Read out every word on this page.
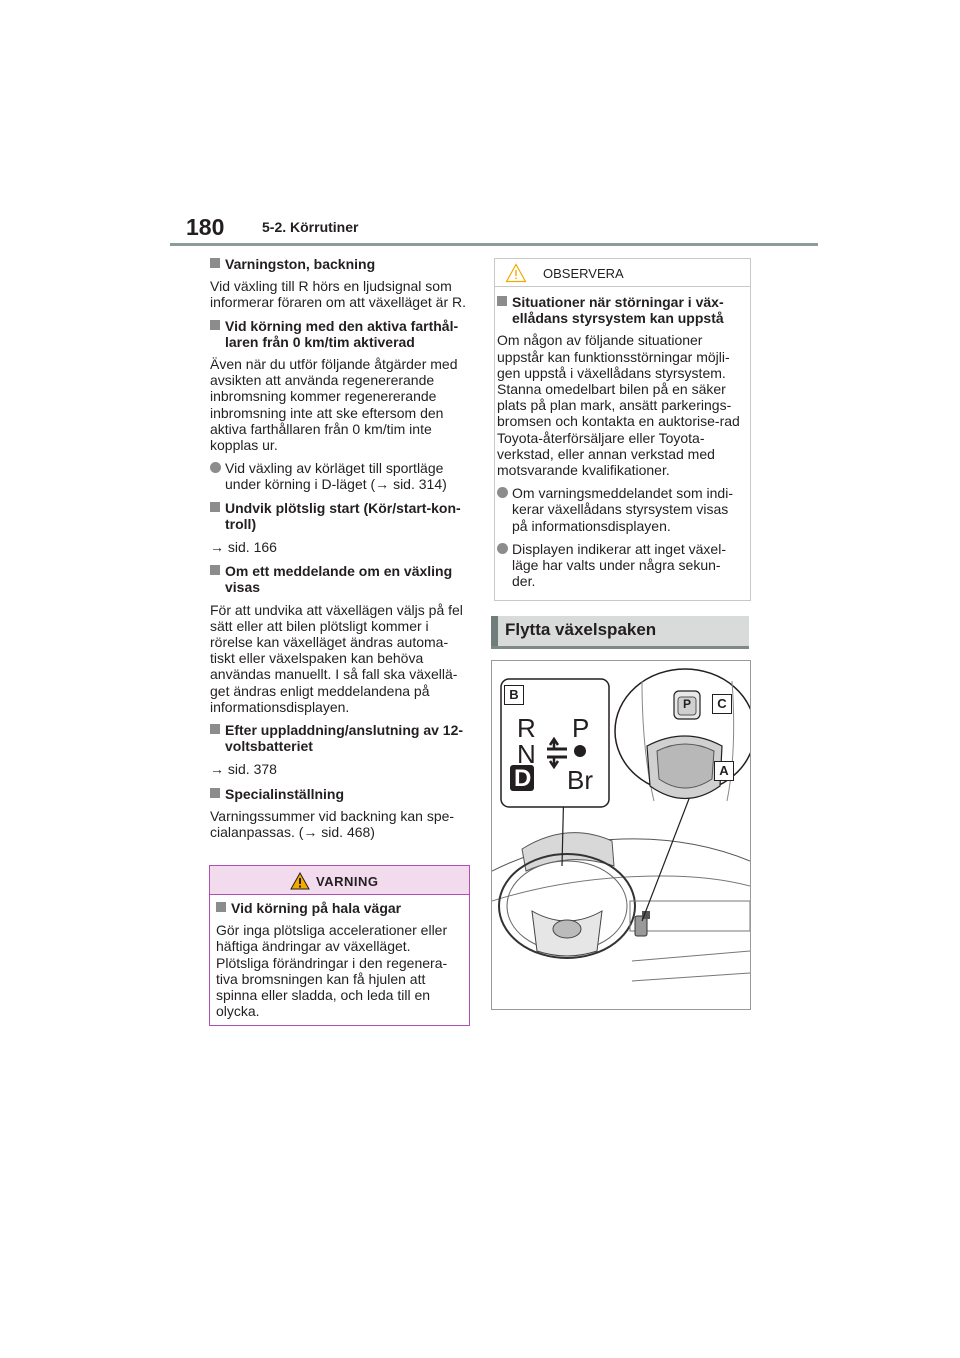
180	5-2. Körrutiner

Varningston, backning

Vid växling till R hörs en ljudsignal som informerar föraren om att växelläget är R.

Vid körning med den aktiva farthål-laren från 0 km/tim aktiverad

Även när du utför följande åtgärder med avsikten att använda regenererande inbromsning kommer regenererande inbromsning inte att ske eftersom den aktiva farthållaren från 0 km/tim inte kopplas ur.

Vid växling av körläget till sportläge under körning i D-läget (→ sid. 314)

Undvik plötslig start (Kör/start-kon-troll)

→ sid. 166

Om ett meddelande om en växling visas

För att undvika att växellägen väljs på fel sätt eller att bilen plötsligt kommer i rörelse kan växelläget ändras automa-tiskt eller växelspaken kan behöva användas manuellt. I så fall ska växellä-get ändras enligt meddelandena på informationsdisplayen.

Efter uppladdning/anslutning av 12-voltsbatteriet

→ sid. 378

Specialinställning

Varningssummer vid backning kan spe-cialanpassas. (→ sid. 468)

VARNING

Vid körning på hala vägar

Gör inga plötsliga accelerationer eller häftiga ändringar av växelläget. Plötsliga förändringar i den regenera-tiva bromsningen kan få hjulen att spinna eller sladda, och leda till en olycka.

OBSERVERA

Situationer när störningar i väx-ellådans styrsystem kan uppstå

Om någon av följande situationer uppstår kan funktionsstörningar möjli-gen uppstå i växellådans styrsystem. Stanna omedelbart bilen på en säker plats på plan mark, ansätt parkerings-bromsen och kontakta en auktorise-rad Toyota-återförsäljare eller Toyota-verkstad, eller annan verkstad med motsvarande kvalifikationer.

Om varningsmeddelandet som indi-kerar växellådans styrsystem visas på informationsdisplayen.

Displayen indikerar att inget växel-läge har valts under några sekun-der.

Flytta växelspaken
R
N
D
P
Br
P
B
C
A
